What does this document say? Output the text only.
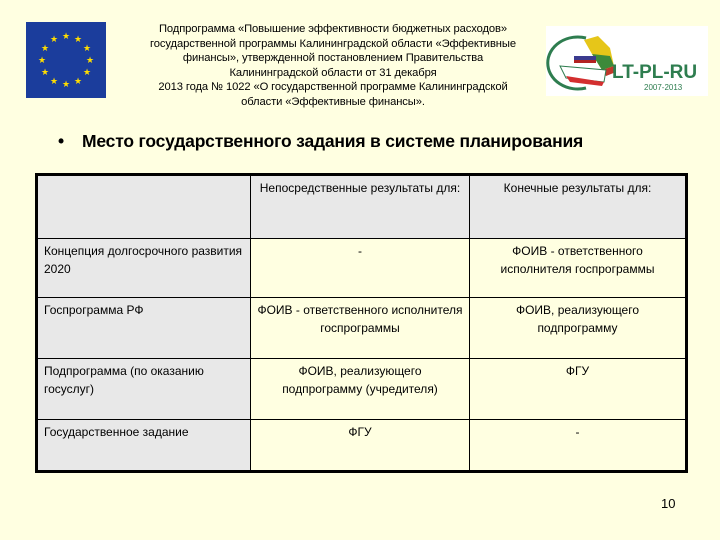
★ ★
★
★
★
★
★
★
★
★
★
★
Подпрограмма «Повышение эффективности бюджетных расходов»
государственной программы Калининградской области «Эффективные
финансы», утвержденной постановлением Правительства
Калининградской области от 31 декабря
2013 года № 1022 «О государственной программе Калининградской
области «Эффективные финансы».
LT-PL-RU
2007-2013
• Место государственного задания в системе планирования
	Непосредственные результаты для:	Конечные результаты для:
Концепция долгосрочного развития 2020	-	ФОИВ - ответственного исполнителя госпрограммы
Госпрограмма РФ	ФОИВ - ответственного исполнителя госпрограммы	ФОИВ, реализующего подпрограмму
Подпрограмма (по оказанию госуслуг)	ФОИВ, реализующего подпрограмму (учредителя)	ФГУ
Государственное задание	ФГУ	-
10
